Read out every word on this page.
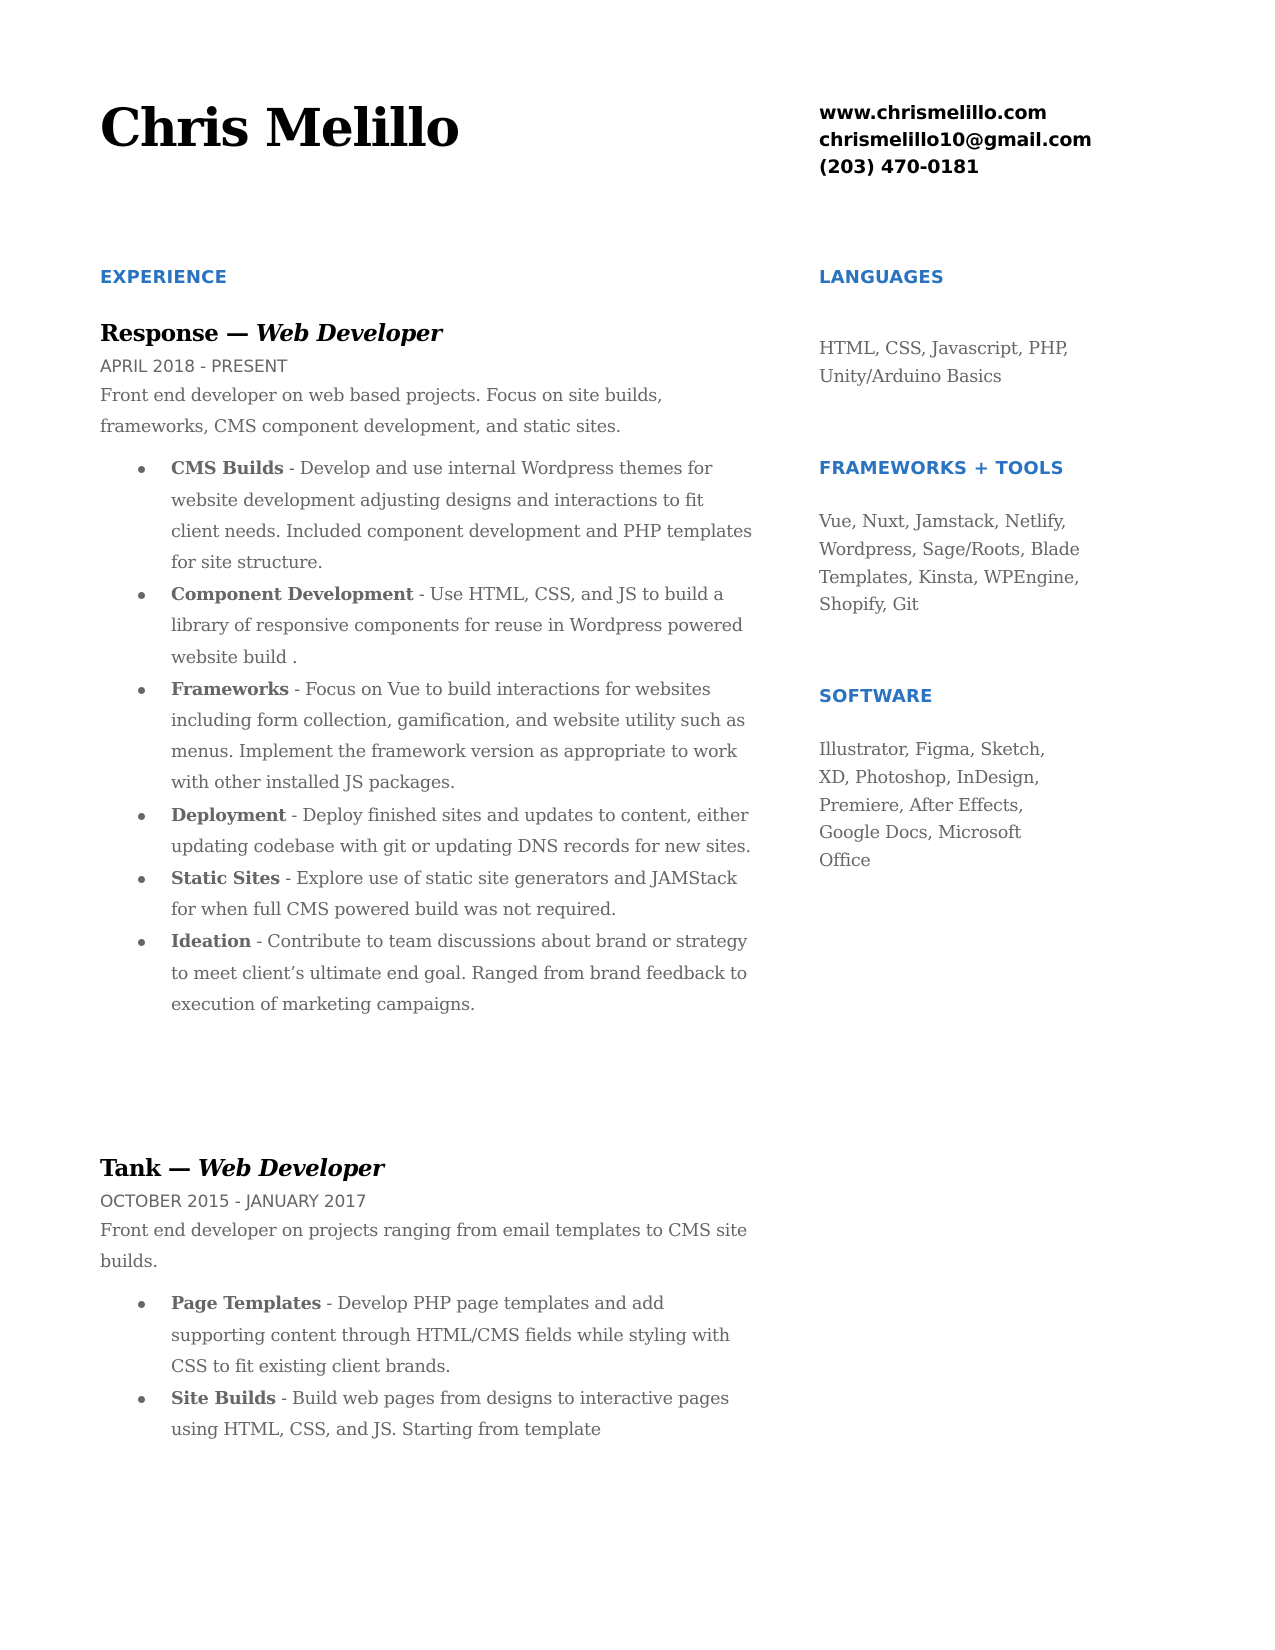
Chris Melillo	www.chrismelillo.com
chrismelillo10@gmail.com
(203) 470-0181
EXPERIENCE
Response — Web Developer
APRIL 2018 - PRESENT
Front end developer on web based projects. Focus on site builds, frameworks, CMS component development, and static sites.
CMS Builds - Develop and use internal Wordpress themes for website development adjusting designs and interactions to fit client needs. Included component development and PHP templates for site structure.
Component Development - Use HTML, CSS, and JS to build a library of responsive components for reuse in Wordpress powered website build .
Frameworks - Focus on Vue to build interactions for websites including form collection, gamification, and website utility such as menus. Implement the framework version as appropriate to work with other installed JS packages.
Deployment - Deploy finished sites and updates to content, either updating codebase with git or updating DNS records for new sites.
Static Sites - Explore use of static site generators and JAMStack for when full CMS powered build was not required.
Ideation - Contribute to team discussions about brand or strategy to meet client’s ultimate end goal. Ranged from brand feedback to execution of marketing campaigns.
Tank — Web Developer
OCTOBER 2015 - JANUARY 2017
Front end developer on projects ranging from email templates to CMS site builds.
Page Templates - Develop PHP page templates and add supporting content through HTML/CMS fields while styling with CSS to fit existing client brands.
Site Builds - Build web pages from designs to interactive pages using HTML, CSS, and JS. Starting from template
LANGUAGES
HTML, CSS, Javascript, PHP, Unity/Arduino Basics
FRAMEWORKS + TOOLS
Vue, Nuxt, Jamstack, Netlify, Wordpress, Sage/Roots, Blade Templates, Kinsta, WPEngine, Shopify, Git
SOFTWARE
Illustrator, Figma, Sketch, XD, Photoshop, InDesign, Premiere, After Effects, Google Docs, Microsoft Office
